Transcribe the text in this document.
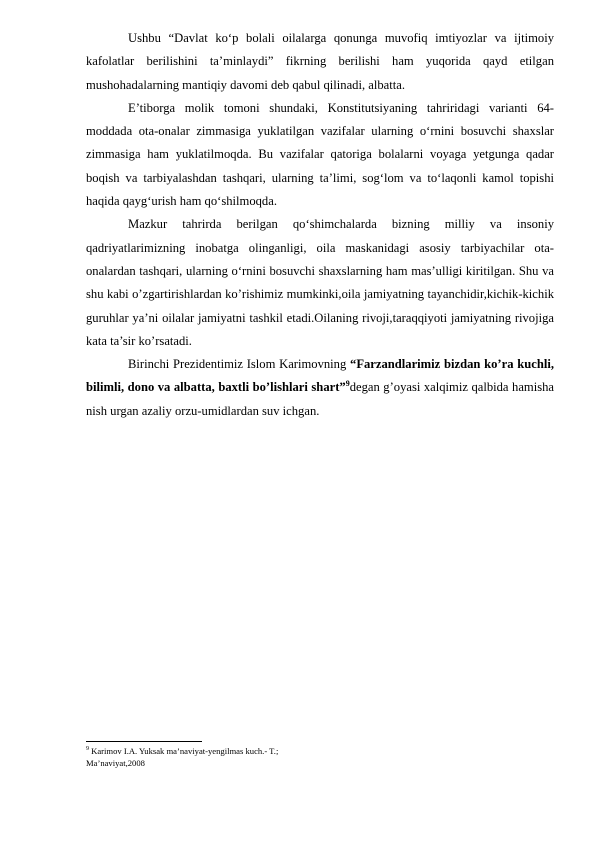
Ushbu “Davlat ko‘p bolali oilalarga qonunga muvofiq imtiyozlar va ijtimoiy kafolatlar berilishini ta’minlaydi” fikrning berilishi ham yuqorida qayd etilgan mushohadalarning mantiqiy davomi deb qabul qilinadi, albatta.

E’tiborga molik tomoni shundaki, Konstitutsiyaning tahriridagi varianti 64-moddada ota-onalar zimmasiga yuklatilgan vazifalar ularning o‘rnini bosuvchi shaxslar zimmasiga ham yuklatilmoqda. Bu vazifalar qatoriga bolalarni voyaga yetgunga qadar boqish va tarbiyalashdan tashqari, ularning ta’limi, sog‘lom va to‘laqonli kamol topishi haqida qayg‘urish ham qo‘shilmoqda.

Mazkur tahrirda berilgan qo‘shimchalarda bizning milliy va insoniy qadriyatlarimizning inobatga olinganligi, oila maskanidagi asosiy tarbiyachilar ota-onalardan tashqari, ularning o‘rnini bosuvchi shaxslarning ham mas’ulligi kiritilgan. Shu va shu kabi o’zgartirishlardan ko’rishimiz mumkinki,oila jamiyatning tayanchidir,kichik-kichik guruhlar ya’ni oilalar jamiyatni tashkil etadi.Oilaning rivoji,taraqqiyoti jamiyatning rivojiga kata ta’sir ko’rsatadi.

Birinchi Prezidentimiz Islom Karimovning “Farzandlarimiz bizdan ko’ra kuchli, bilimli, dono va albatta, baxtli bo’lishlari shart”$^9$degan g’oyasi xalqimiz qalbida hamisha nish urgan azaliy orzu-umidlardan suv ichgan.

$^9$ Karimov I.A. Yuksak ma’naviyat-yengilmas kuch.- T.;
Ma’naviyat,2008
